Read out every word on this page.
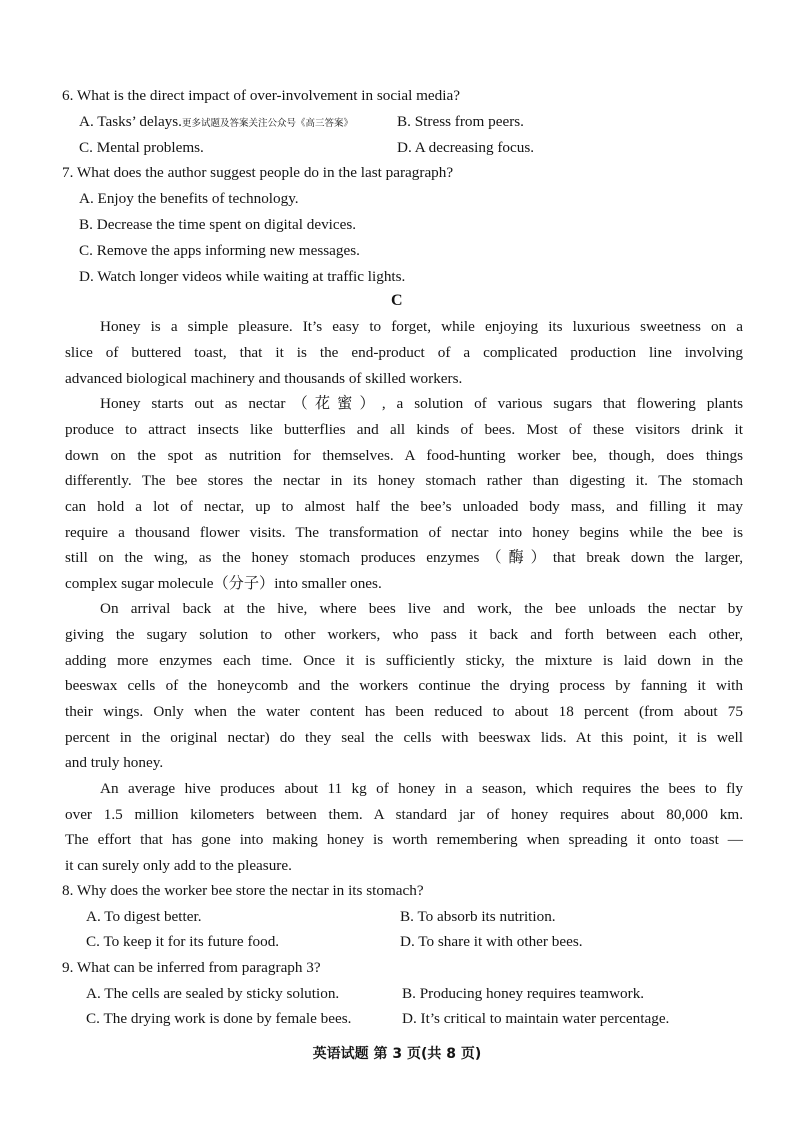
6. What is the direct impact of over-involvement in social media?
A. Tasks’ delays.更多试题及答案关注公众号《高三答案》	B. Stress from peers.
C. Mental problems.	D. A decreasing focus.
7. What does the author suggest people do in the last paragraph?
A. Enjoy the benefits of technology.
B. Decrease the time spent on digital devices.
C. Remove the apps informing new messages.
D. Watch longer videos while waiting at traffic lights.
C
Honey is a simple pleasure. It’s easy to forget, while enjoying its luxurious sweetness on a
slice of buttered toast, that it is the end-product of a complicated production line involving
advanced biological machinery and thousands of skilled workers.
Honey starts out as nectar（花蜜）, a solution of various sugars that flowering plants
produce to attract insects like butterflies and all kinds of bees. Most of these visitors drink it
down on the spot as nutrition for themselves. A food-hunting worker bee, though, does things
differently. The bee stores the nectar in its honey stomach rather than digesting it. The stomach
can hold a lot of nectar, up to almost half the bee’s unloaded body mass, and filling it may
require a thousand flower visits. The transformation of nectar into honey begins while the bee is
still on the wing, as the honey stomach produces enzymes（酶）that break down the larger,
complex sugar molecule（分子）into smaller ones.
On arrival back at the hive, where bees live and work, the bee unloads the nectar by
giving the sugary solution to other workers, who pass it back and forth between each other,
adding more enzymes each time. Once it is sufficiently sticky, the mixture is laid down in the
beeswax cells of the honeycomb and the workers continue the drying process by fanning it with
their wings. Only when the water content has been reduced to about 18 percent (from about 75
percent in the original nectar) do they seal the cells with beeswax lids. At this point, it is well
and truly honey.
An average hive produces about 11 kg of honey in a season, which requires the bees to fly
over 1.5 million kilometers between them. A standard jar of honey requires about 80,000 km.
The effort that has gone into making honey is worth remembering when spreading it onto toast —
it can surely only add to the pleasure.
8. Why does the worker bee store the nectar in its stomach?
A. To digest better.	B. To absorb its nutrition.
C. To keep it for its future food.	D. To share it with other bees.
9. What can be inferred from paragraph 3?
A. The cells are sealed by sticky solution.	B. Producing honey requires teamwork.
C. The drying work is done by female bees.	D. It’s critical to maintain water percentage.
英语试题 第 3 页(共 8 页)
